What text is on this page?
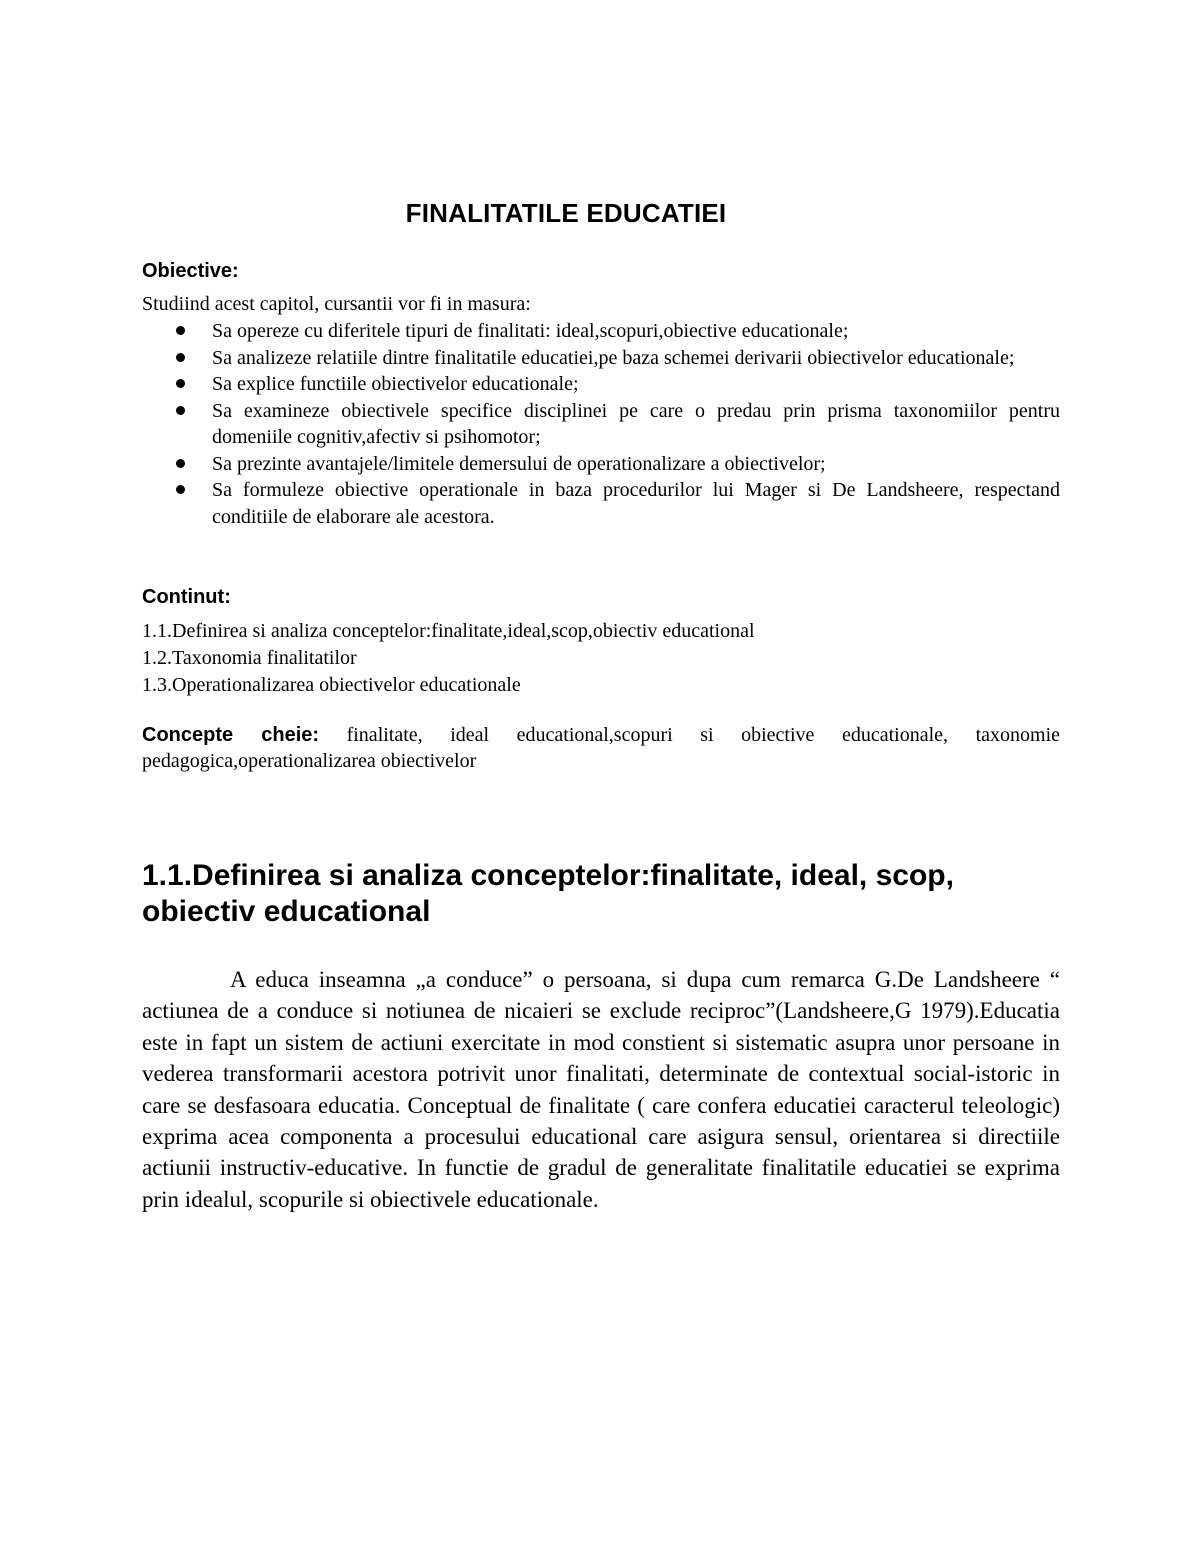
FINALITATILE EDUCATIEI
Obiective:
Studiind acest capitol, cursantii vor fi in masura:
Sa opereze cu diferitele tipuri de finalitati: ideal,scopuri,obiective educationale;
Sa analizeze relatiile dintre finalitatile educatiei,pe baza schemei derivarii obiectivelor educationale;
Sa explice functiile obiectivelor educationale;
Sa examineze obiectivele specifice disciplinei pe care o predau prin prisma taxonomiilor pentru domeniile cognitiv,afectiv si psihomotor;
Sa prezinte avantajele/limitele demersului de operationalizare a obiectivelor;
Sa formuleze obiective operationale in baza procedurilor lui Mager si De Landsheere, respectand conditiile de elaborare ale acestora.
Continut:
1.1.Definirea si analiza conceptelor:finalitate,ideal,scop,obiectiv educational
1.2.Taxonomia finalitatilor
1.3.Operationalizarea obiectivelor educationale
Concepte cheie: finalitate, ideal educational,scopuri si obiective educationale, taxonomie pedagogica,operationalizarea obiectivelor
1.1.Definirea si analiza conceptelor:finalitate, ideal, scop, obiectiv educational
A educa inseamna „a conduce” o persoana, si dupa cum remarca G.De Landsheere “ actiunea de a conduce si notiunea de nicaieri se exclude reciproc”(Landsheere,G 1979).Educatia este in fapt un sistem de actiuni exercitate in mod constient si sistematic asupra unor persoane in vederea transformarii acestora potrivit unor finalitati, determinate de contextual social-istoric in care se desfasoara educatia. Conceptual de finalitate ( care confera educatiei caracterul teleologic) exprima acea componenta a procesului educational care asigura sensul, orientarea si directiile actiunii instructiv-educative. In functie de gradul de generalitate finalitatile educatiei se exprima prin idealul, scopurile si obiectivele educationale.
